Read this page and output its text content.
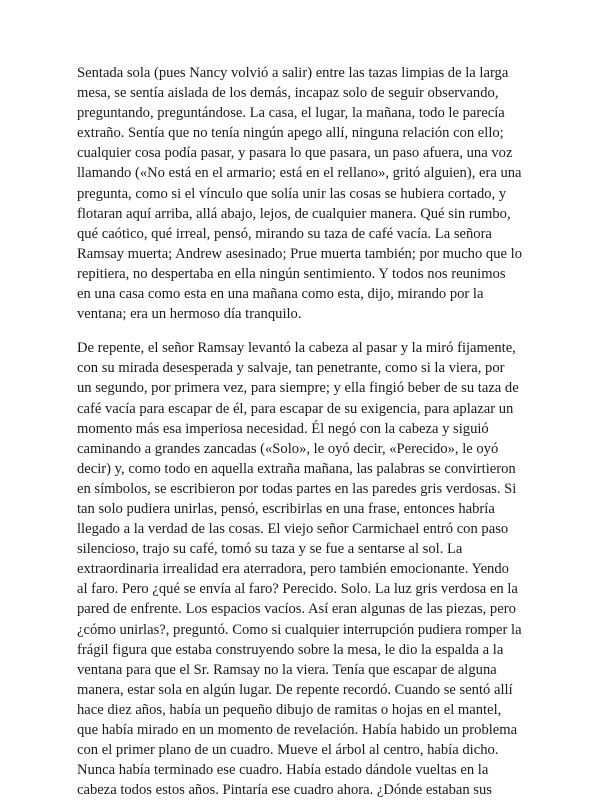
Sentada sola (pues Nancy volvió a salir) entre las tazas limpias de la larga
mesa, se sentía aislada de los demás, incapaz solo de seguir observando,
preguntando, preguntándose. La casa, el lugar, la mañana, todo le parecía
extraño. Sentía que no tenía ningún apego allí, ninguna relación con ello;
cualquier cosa podía pasar, y pasara lo que pasara, un paso afuera, una voz
llamando («No está en el armario; está en el rellano», gritó alguien), era una
pregunta, como si el vínculo que solía unir las cosas se hubiera cortado, y
flotaran aquí arriba, allá abajo, lejos, de cualquier manera. Qué sin rumbo,
qué caótico, qué irreal, pensó, mirando su taza de café vacía. La señora
Ramsay muerta; Andrew asesinado; Prue muerta también; por mucho que lo
repitiera, no despertaba en ella ningún sentimiento. Y todos nos reunimos
en una casa como esta en una mañana como esta, dijo, mirando por la
ventana; era un hermoso día tranquilo.

De repente, el señor Ramsay levantó la cabeza al pasar y la miró fijamente,
con su mirada desesperada y salvaje, tan penetrante, como si la viera, por
un segundo, por primera vez, para siempre; y ella fingió beber de su taza de
café vacía para escapar de él, para escapar de su exigencia, para aplazar un
momento más esa imperiosa necesidad. Él negó con la cabeza y siguió
caminando a grandes zancadas («Solo», le oyó decir, «Perecido», le oyó
decir) y, como todo en aquella extraña mañana, las palabras se convirtieron
en símbolos, se escribieron por todas partes en las paredes gris verdosas. Si
tan solo pudiera unirlas, pensó, escribirlas en una frase, entonces habría
llegado a la verdad de las cosas. El viejo señor Carmichael entró con paso
silencioso, trajo su café, tomó su taza y se fue a sentarse al sol. La
extraordinaria irrealidad era aterradora, pero también emocionante. Yendo
al faro. Pero ¿qué se envía al faro? Perecido. Solo. La luz gris verdosa en la
pared de enfrente. Los espacios vacíos. Así eran algunas de las piezas, pero
¿cómo unirlas?, preguntó. Como si cualquier interrupción pudiera romper la
frágil figura que estaba construyendo sobre la mesa, le dio la espalda a la
ventana para que el Sr. Ramsay no la viera. Tenía que escapar de alguna
manera, estar sola en algún lugar. De repente recordó. Cuando se sentó allí
hace diez años, había un pequeño dibujo de ramitas o hojas en el mantel,
que había mirado en un momento de revelación. Había habido un problema
con el primer plano de un cuadro. Mueve el árbol al centro, había dicho.
Nunca había terminado ese cuadro. Había estado dándole vueltas en la
cabeza todos estos años. Pintaría ese cuadro ahora. ¿Dónde estaban sus
